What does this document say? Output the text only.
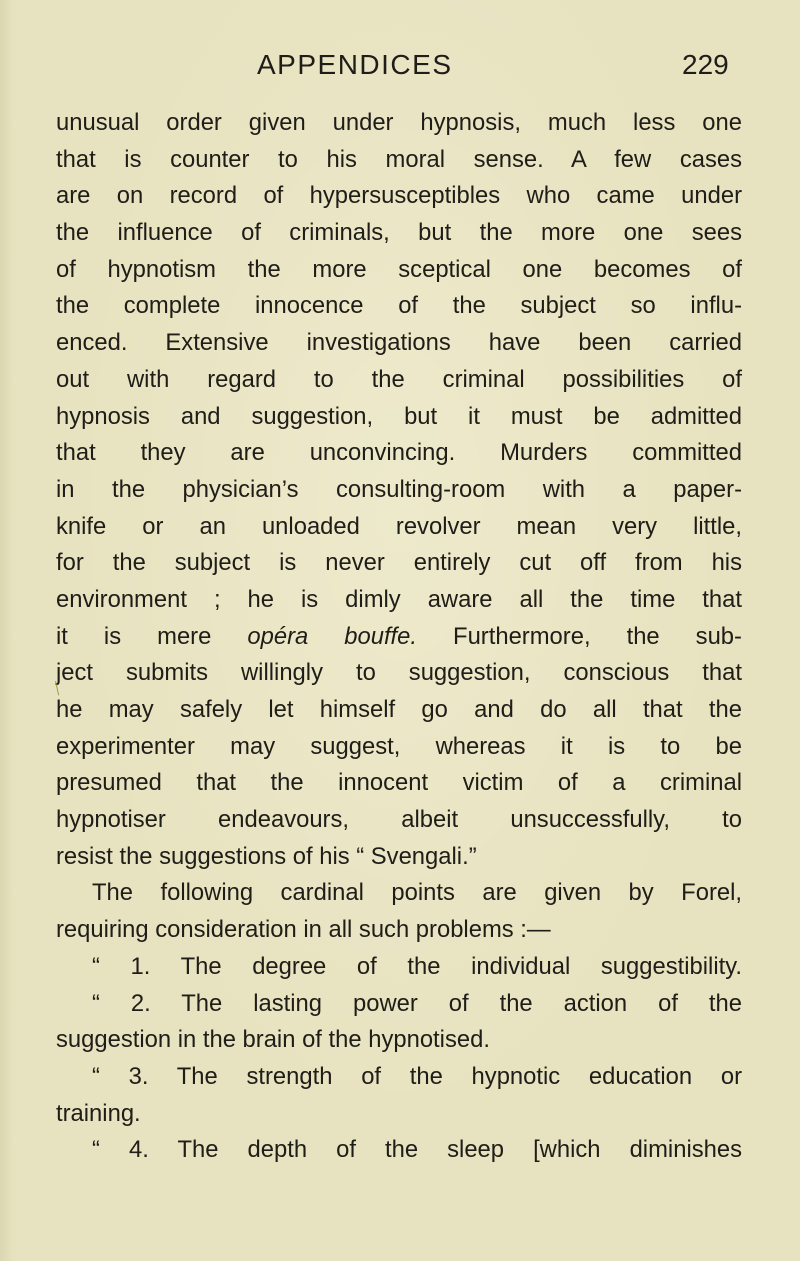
APPENDICES	229
unusual order given under hypnosis, much less one
that is counter to his moral sense. A few cases
are on record of hypersusceptibles who came under
the influence of criminals, but the more one sees
of hypnotism the more sceptical one becomes of
the complete innocence of the subject so influ-
enced. Extensive investigations have been carried
out with regard to the criminal possibilities of
hypnosis and suggestion, but it must be admitted
that they are unconvincing. Murders committed
in the physician’s consulting-room with a paper-
knife or an unloaded revolver mean very little,
for the subject is never entirely cut off from his
environment ; he is dimly aware all the time that
it is mere opéra bouffe. Furthermore, the sub-
ject submits willingly to suggestion, conscious that
he may safely let himself go and do all that the
experimenter may suggest, whereas it is to be
presumed that the innocent victim of a criminal
hypnotiser endeavours, albeit unsuccessfully, to
resist the suggestions of his “ Svengali.”
The following cardinal points are given by Forel,
requiring consideration in all such problems :—
“ 1. The degree of the individual suggestibility.
“ 2. The lasting power of the action of the
suggestion in the brain of the hypnotised.
“ 3. The strength of the hypnotic education or
training.
“ 4. The depth of the sleep [which diminishes
╱
